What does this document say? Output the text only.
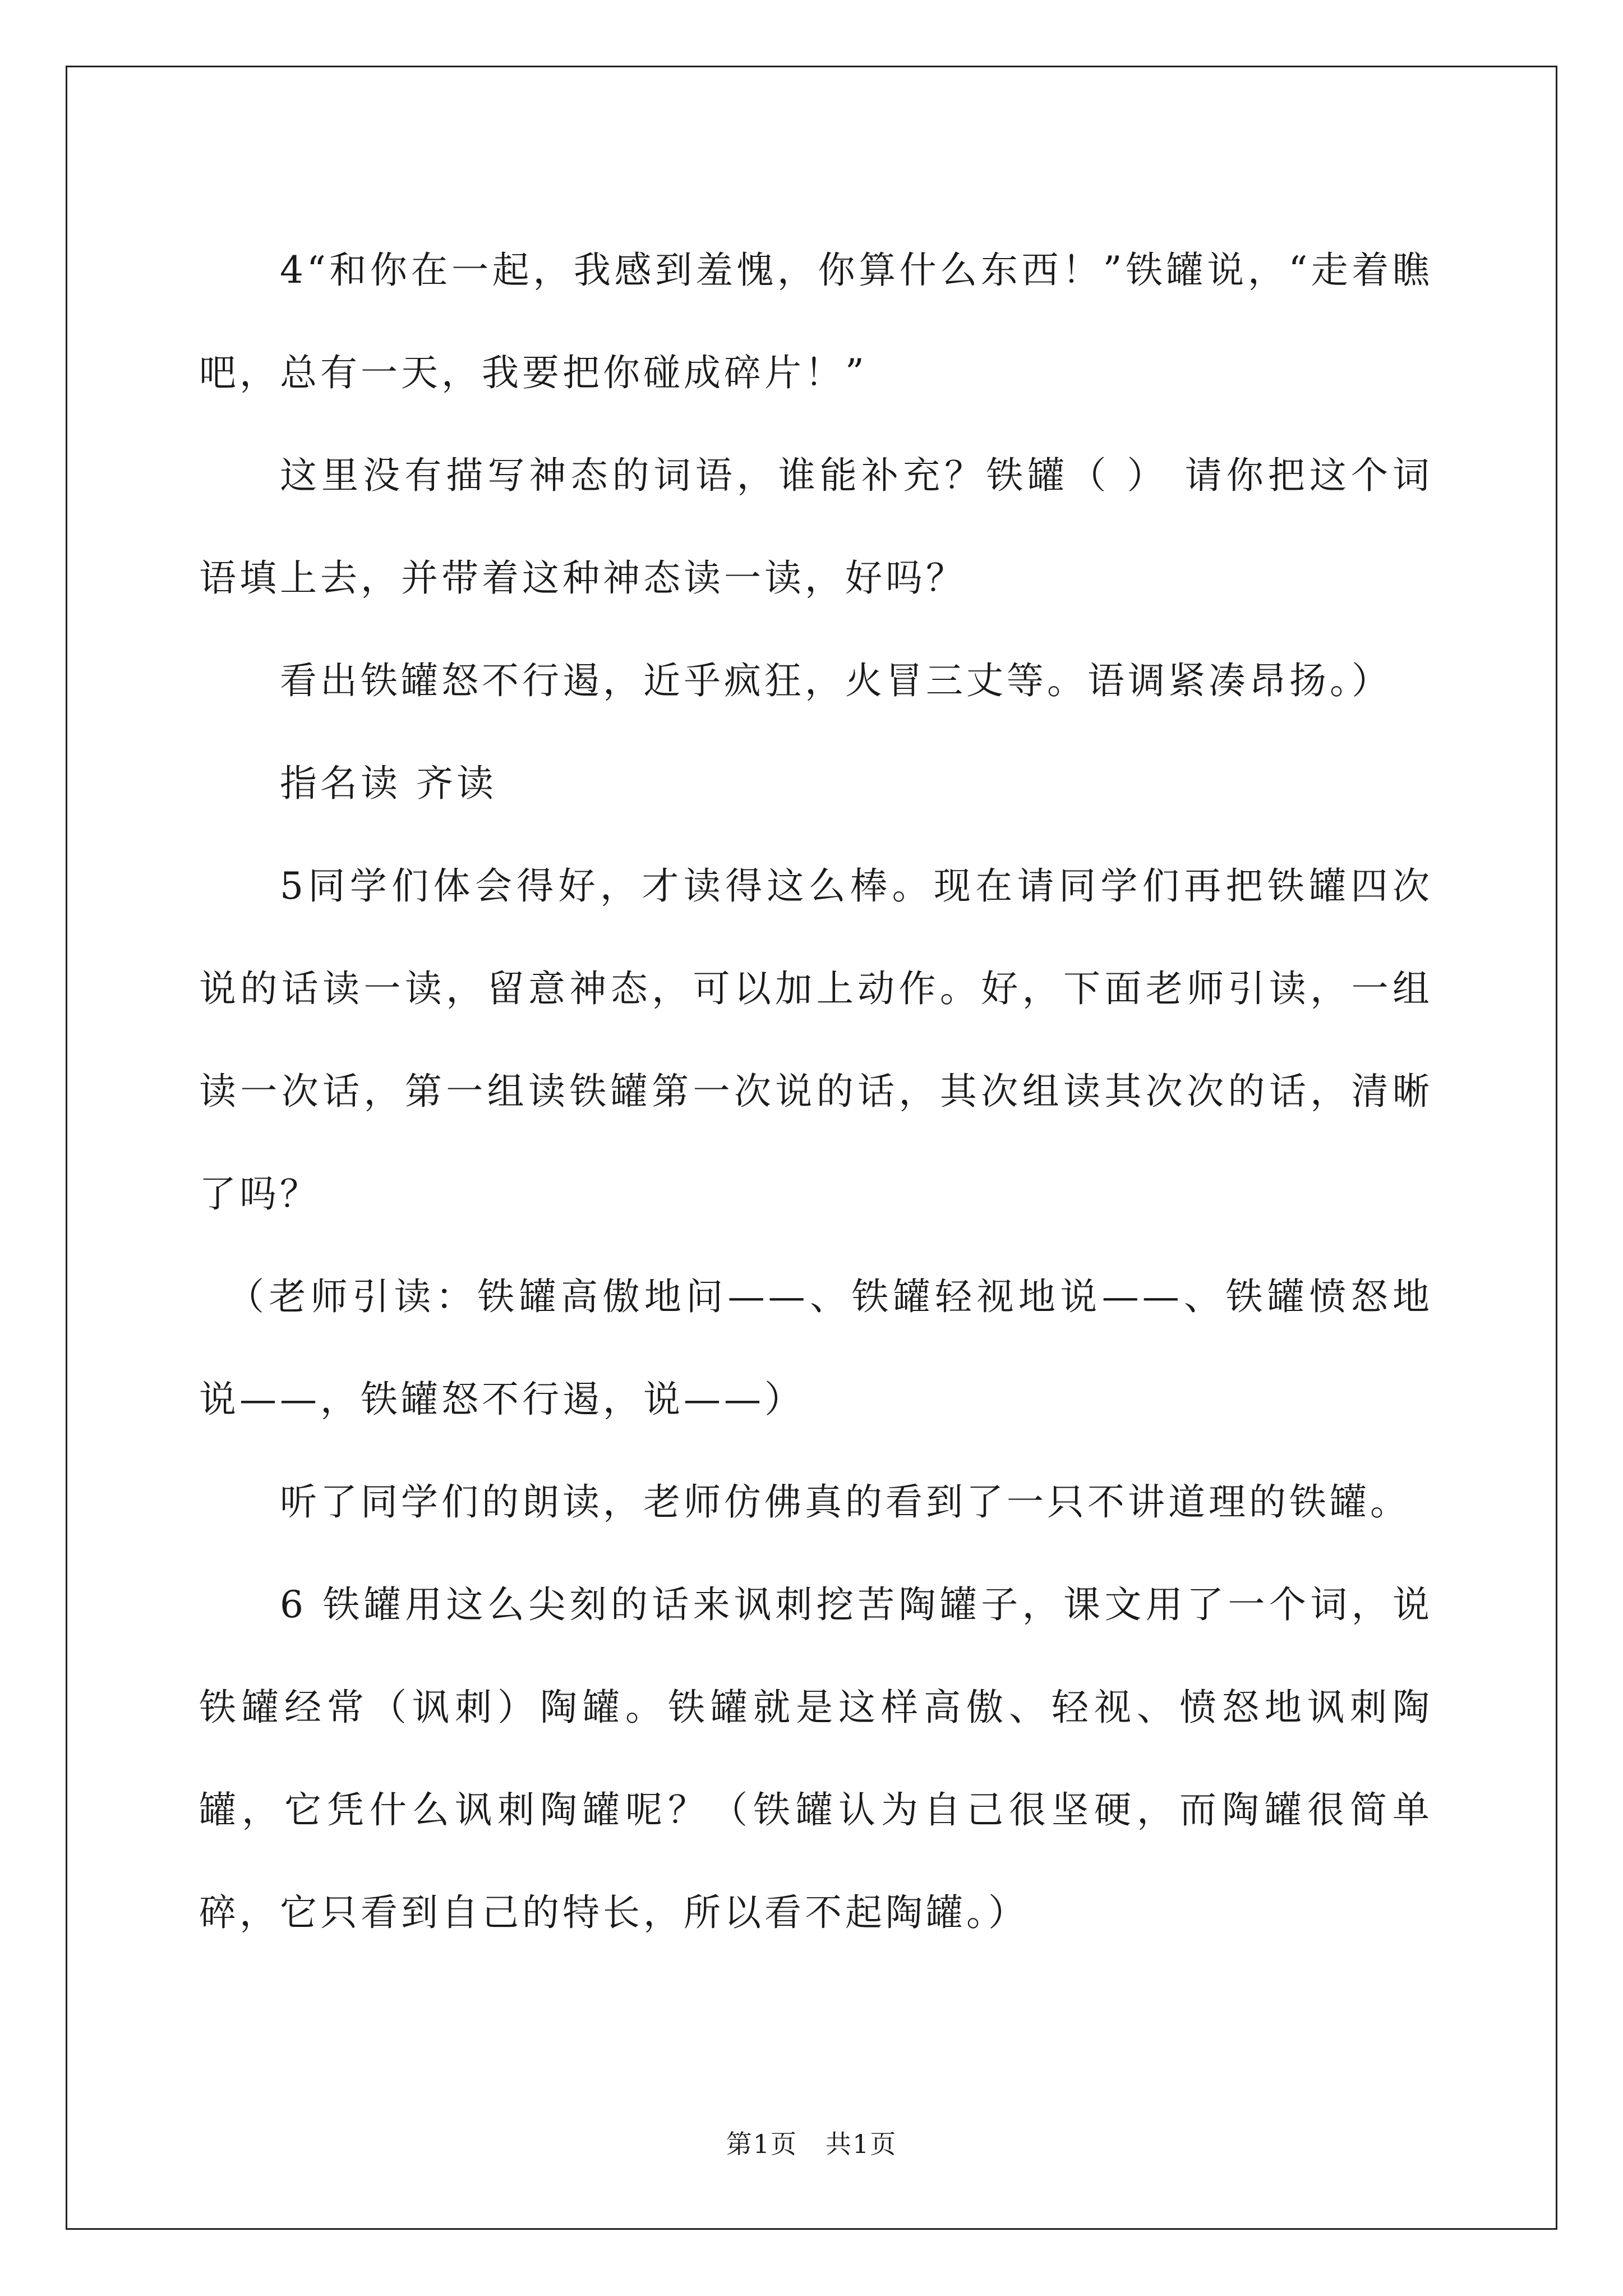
4“和你在一起，我感到羞愧，你算什么东西！”铁罐说，“走着瞧吧，总有一天，我要把你碰成碎片！”

这里没有描写神态的词语，谁能补充？铁罐（ ） 请你把这个词语填上去，并带着这种神态读一读，好吗？

看出铁罐怒不行遏，近乎疯狂，火冒三丈等。语调紧凑昂扬。）

指名读 齐读

5同学们体会得好，才读得这么棒。现在请同学们再把铁罐四次说的话读一读，留意神态，可以加上动作。好，下面老师引读，一组读一次话，第一组读铁罐第一次说的话，其次组读其次次的话，清晰了吗？

（老师引读：铁罐高傲地问——、铁罐轻视地说——、铁罐愤怒地说——，铁罐怒不行遏，说——）

听了同学们的朗读，老师仿佛真的看到了一只不讲道理的铁罐。

6 铁罐用这么尖刻的话来讽刺挖苦陶罐子，课文用了一个词，说铁罐经常（讽刺）陶罐。铁罐就是这样高傲、轻视、愤怒地讽刺陶罐，它凭什么讽刺陶罐呢？（铁罐认为自己很坚硬，而陶罐很简单碎，它只看到自己的特长，所以看不起陶罐。）

第1页 共1页
